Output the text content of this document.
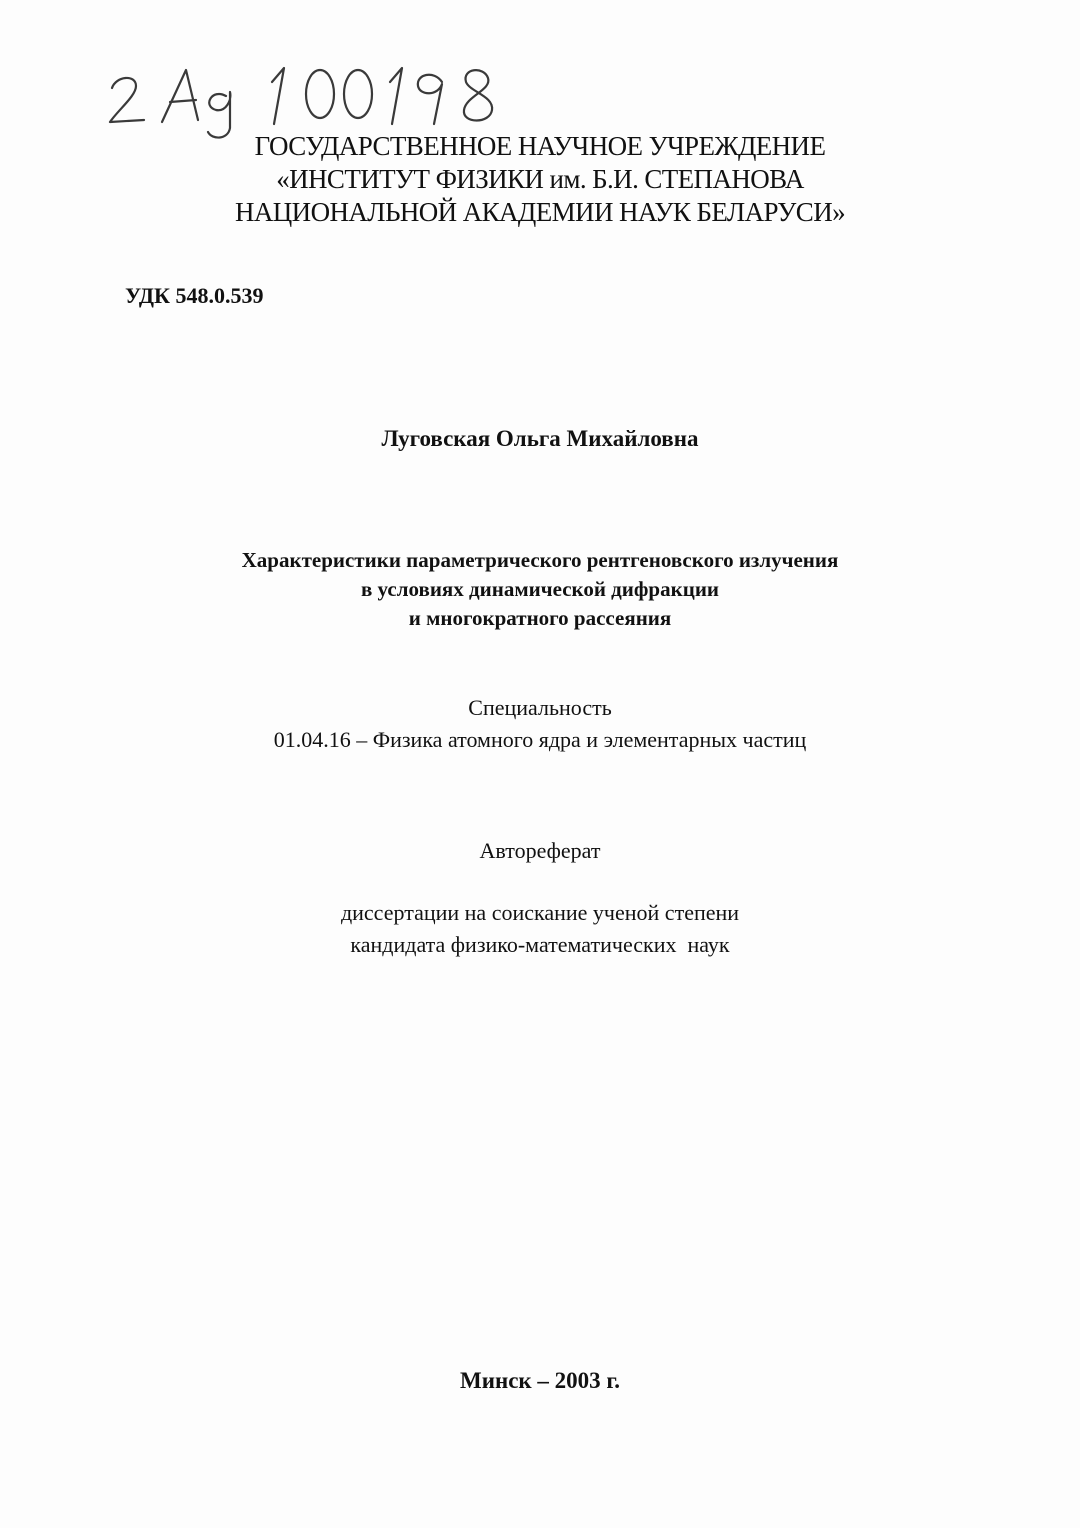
ГОСУДАРСТВЕННОЕ НАУЧНОЕ УЧРЕЖДЕНИЕ
«ИНСТИТУТ ФИЗИКИ им. Б.И. СТЕПАНОВА
НАЦИОНАЛЬНОЙ АКАДЕМИИ НАУК БЕЛАРУСИ»
УДК 548.0.539
Луговская Ольга Михайловна
Характеристики параметрического рентгеновского излучения
в условиях динамической дифракции
и многократного рассеяния
Специальность
01.04.16 – Физика атомного ядра и элементарных частиц
Автореферат
диссертации на соискание ученой степени
кандидата физико-математических  наук
Минск – 2003 г.
